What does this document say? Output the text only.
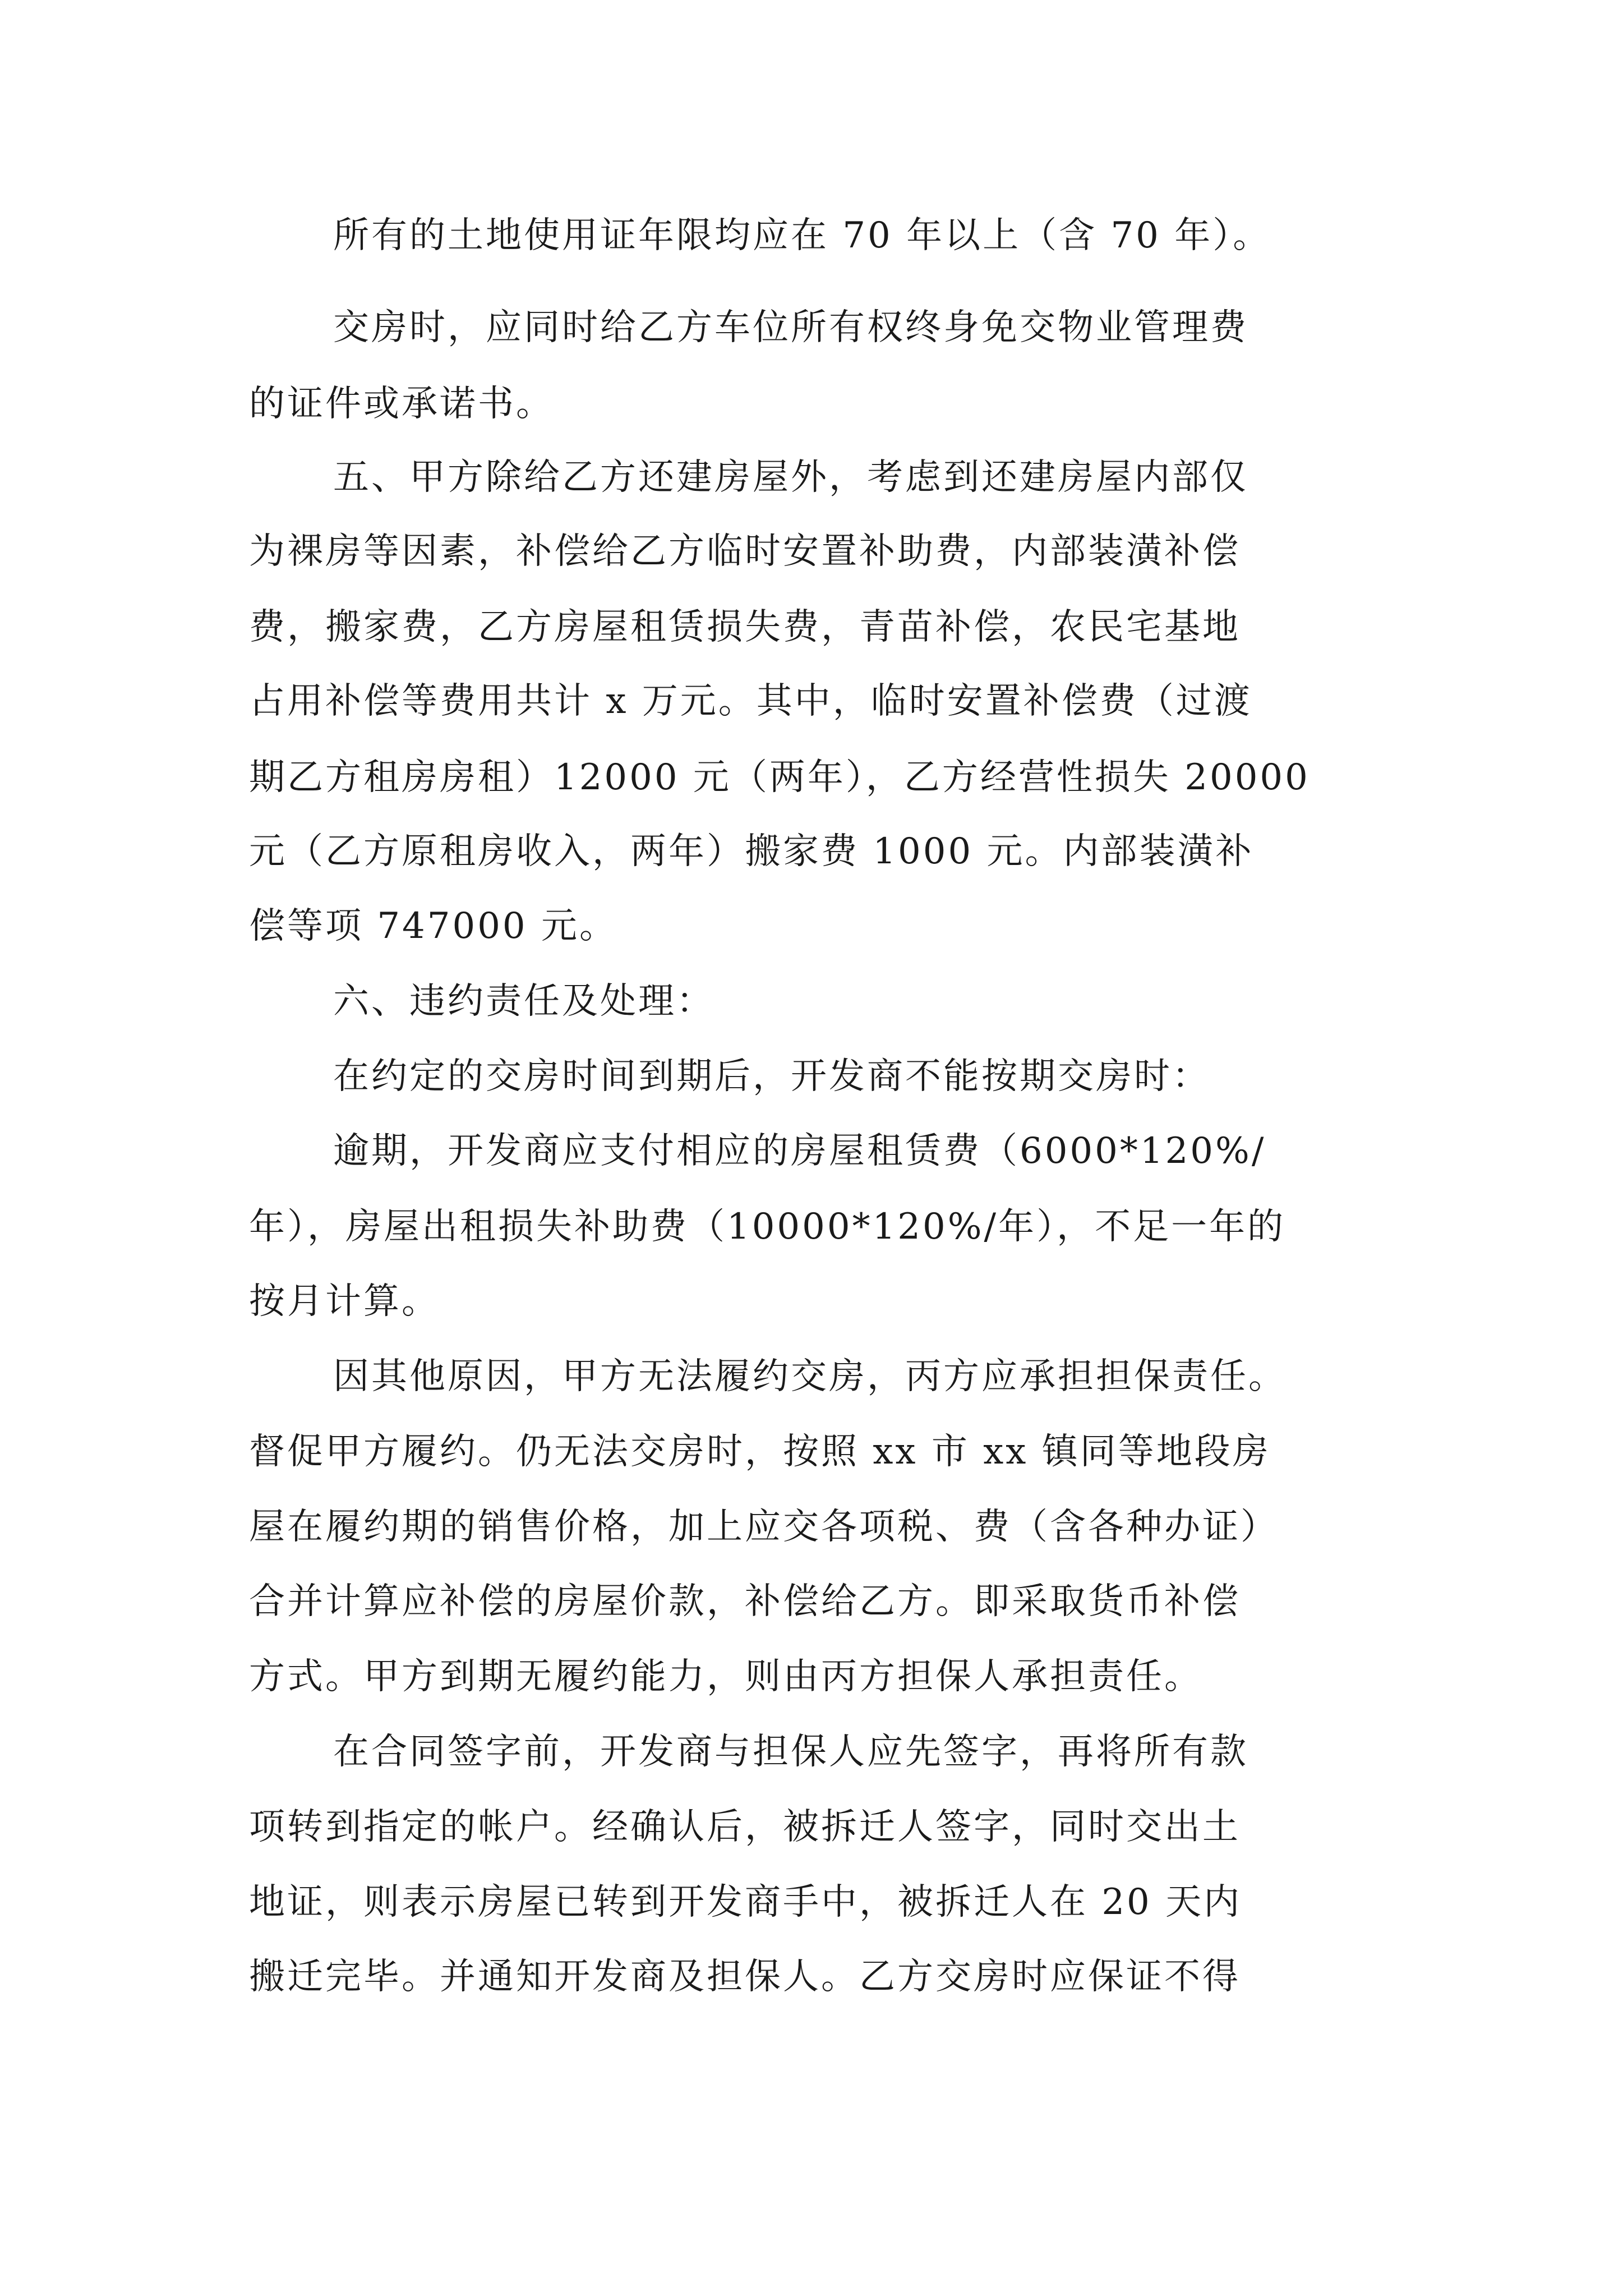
所有的土地使用证年限均应在 70 年以上（含 70 年）。
交房时，应同时给乙方车位所有权终身免交物业管理费
的证件或承诺书。
五、甲方除给乙方还建房屋外，考虑到还建房屋内部仅
为裸房等因素，补偿给乙方临时安置补助费，内部装潢补偿
费，搬家费，乙方房屋租赁损失费，青苗补偿，农民宅基地
占用补偿等费用共计 x 万元。其中，临时安置补偿费（过渡
期乙方租房房租）12000 元（两年），乙方经营性损失 20000
元（乙方原租房收入，两年）搬家费 1000 元。内部装潢补
偿等项 747000 元。
六、违约责任及处理：
在约定的交房时间到期后，开发商不能按期交房时：
逾期，开发商应支付相应的房屋租赁费（6000*120%/
年），房屋出租损失补助费（10000*120%/年），不足一年的
按月计算。
因其他原因，甲方无法履约交房，丙方应承担担保责任。
督促甲方履约。仍无法交房时，按照 xx 市 xx 镇同等地段房
屋在履约期的销售价格，加上应交各项税、费（含各种办证）
合并计算应补偿的房屋价款，补偿给乙方。即采取货币补偿
方式。甲方到期无履约能力，则由丙方担保人承担责任。
在合同签字前，开发商与担保人应先签字，再将所有款
项转到指定的帐户。经确认后，被拆迁人签字，同时交出土
地证，则表示房屋已转到开发商手中，被拆迁人在 20 天内
搬迁完毕。并通知开发商及担保人。乙方交房时应保证不得
